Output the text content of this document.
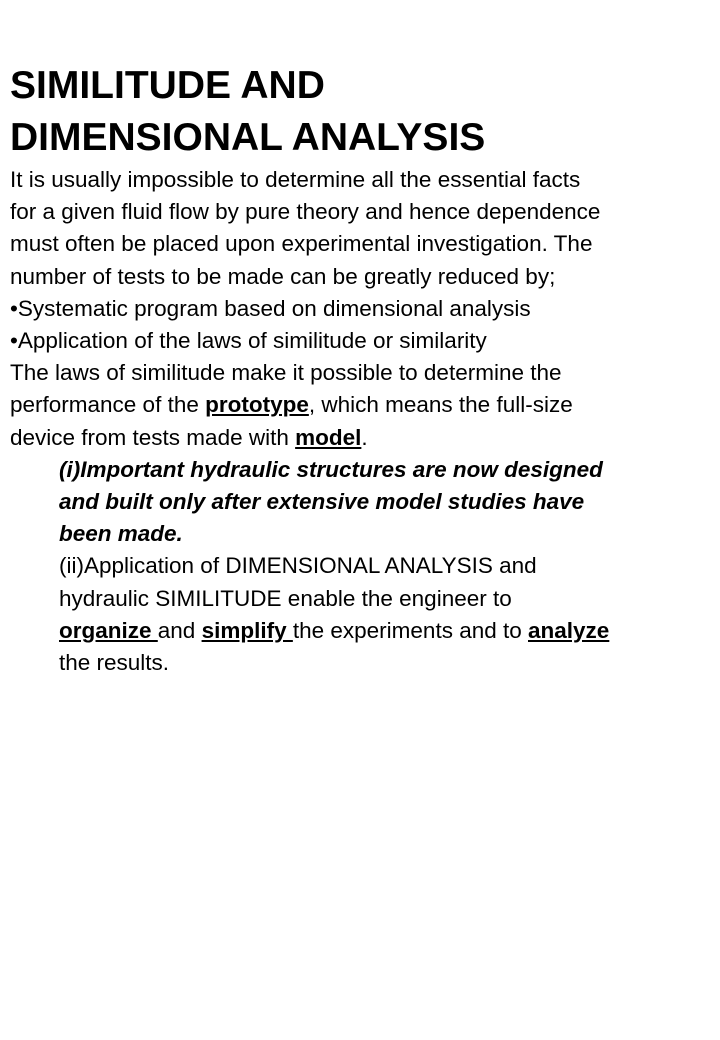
SIMILITUDE AND
DIMENSIONAL ANALYSIS
It is usually impossible to determine all the essential facts
for a given fluid flow by pure theory and hence dependence
must often be placed upon experimental investigation. The
number of tests to be made can be greatly reduced by;
•Systematic program based on dimensional analysis
•Application of the laws of similitude or similarity
The laws of similitude make it possible to determine the
performance of the prototype, which means the full-size
device from tests made with model.
(i)Important hydraulic structures are now designed
and built only after extensive model studies have
been made.
(ii)Application of DIMENSIONAL ANALYSIS and
hydraulic SIMILITUDE enable the engineer to
organize and simplify the experiments and to analyze
the results.
